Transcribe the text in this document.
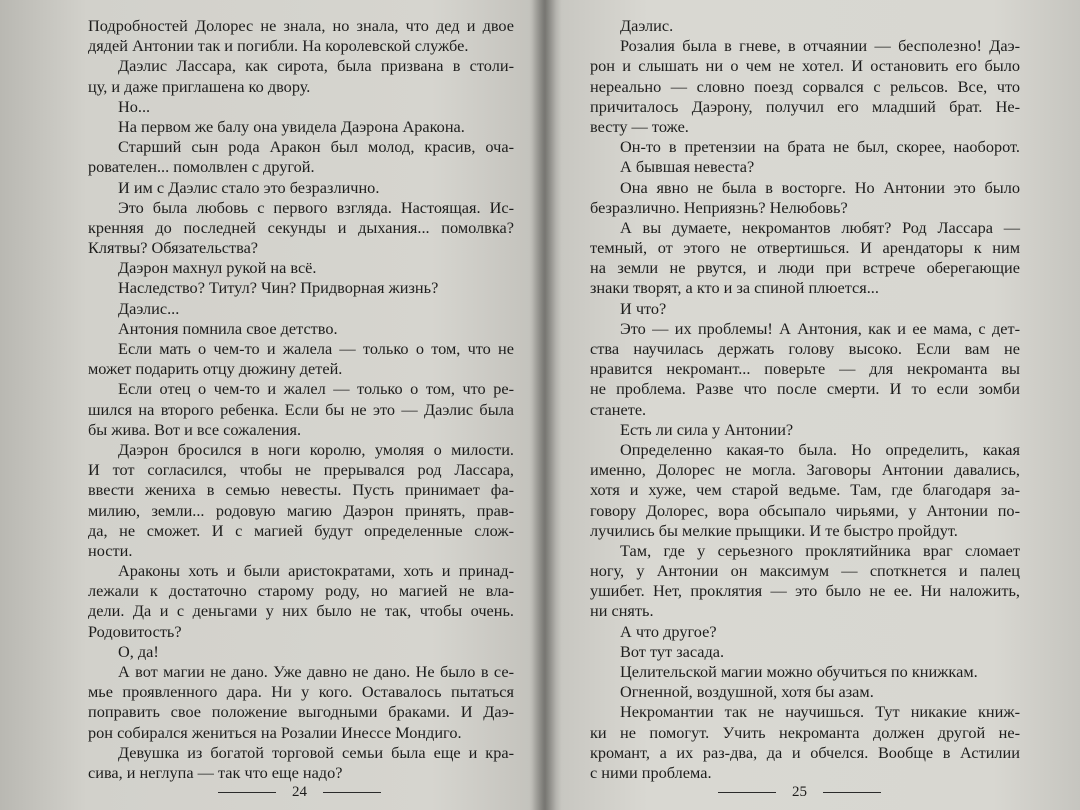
Подробностей Долорес не знала, но знала, что дед и двое
дядей Антонии так и погибли. На королевской службе.
Даэлис Лассара, как сирота, была призвана в столи-
цу, и даже приглашена ко двору.
Но...
На первом же балу она увидела Даэрона Аракона.
Старший сын рода Аракон был молод, красив, оча-
рователен... помолвлен с другой.
И им с Даэлис стало это безразлично.
Это была любовь с первого взгляда. Настоящая. Ис-
кренняя до последней секунды и дыхания... помолвка?
Клятвы? Обязательства?
Даэрон махнул рукой на всё.
Наследство? Титул? Чин? Придворная жизнь?
Даэлис...
Антония помнила свое детство.
Если мать о чем-то и жалела — только о том, что не
может подарить отцу дюжину детей.
Если отец о чем-то и жалел — только о том, что ре-
шился на второго ребенка. Если бы не это — Даэлис была
бы жива. Вот и все сожаления.
Даэрон бросился в ноги королю, умоляя о милости.
И тот согласился, чтобы не прерывался род Лассара,
ввести жениха в семью невесты. Пусть принимает фа-
милию, земли... родовую магию Даэрон принять, прав-
да, не сможет. И с магией будут определенные слож-
ности.
Араконы хоть и были аристократами, хоть и принад-
лежали к достаточно старому роду, но магией не вла-
дели. Да и с деньгами у них было не так, чтобы очень.
Родовитость?
О, да!
А вот магии не дано. Уже давно не дано. Не было в се-
мье проявленного дара. Ни у кого. Оставалось пытаться
поправить свое положение выгодными браками. И Даэ-
рон собирался жениться на Розалии Инессе Мондиго.
Девушка из богатой торговой семьи была еще и кра-
сива, и неглупа — так что еще надо?
Даэлис.
Розалия была в гневе, в отчаянии — бесполезно! Даэ-
рон и слышать ни о чем не хотел. И остановить его было
нереально — словно поезд сорвался с рельсов. Все, что
причиталось Даэрону, получил его младший брат. Не-
весту — тоже.
Он-то в претензии на брата не был, скорее, наоборот.
А бывшая невеста?
Она явно не была в восторге. Но Антонии это было
безразлично. Неприязнь? Нелюбовь?
А вы думаете, некромантов любят? Род Лассара —
темный, от этого не отвертишься. И арендаторы к ним
на земли не рвутся, и люди при встрече оберегающие
знаки творят, а кто и за спиной плюется...
И что?
Это — их проблемы! А Антония, как и ее мама, с дет-
ства научилась держать голову высоко. Если вам не
нравится некромант... поверьте — для некроманта вы
не проблема. Разве что после смерти. И то если зомби
станете.
Есть ли сила у Антонии?
Определенно какая-то была. Но определить, какая
именно, Долорес не могла. Заговоры Антонии давались,
хотя и хуже, чем старой ведьме. Там, где благодаря за-
говору Долорес, вора обсыпало чирьями, у Антонии по-
лучились бы мелкие прыщики. И те быстро пройдут.
Там, где у серьезного проклятийника враг сломает
ногу, у Антонии он максимум — споткнется и палец
ушибет. Нет, проклятия — это было не ее. Ни наложить,
ни снять.
А что другое?
Вот тут засада.
Целительской магии можно обучиться по книжкам.
Огненной, воздушной, хотя бы азам.
Некромантии так не научишься. Тут никакие книж-
ки не помогут. Учить некроманта должен другой не-
кромант, а их раз-два, да и обчелся. Вообще в Астилии
с ними проблема.
24	25
